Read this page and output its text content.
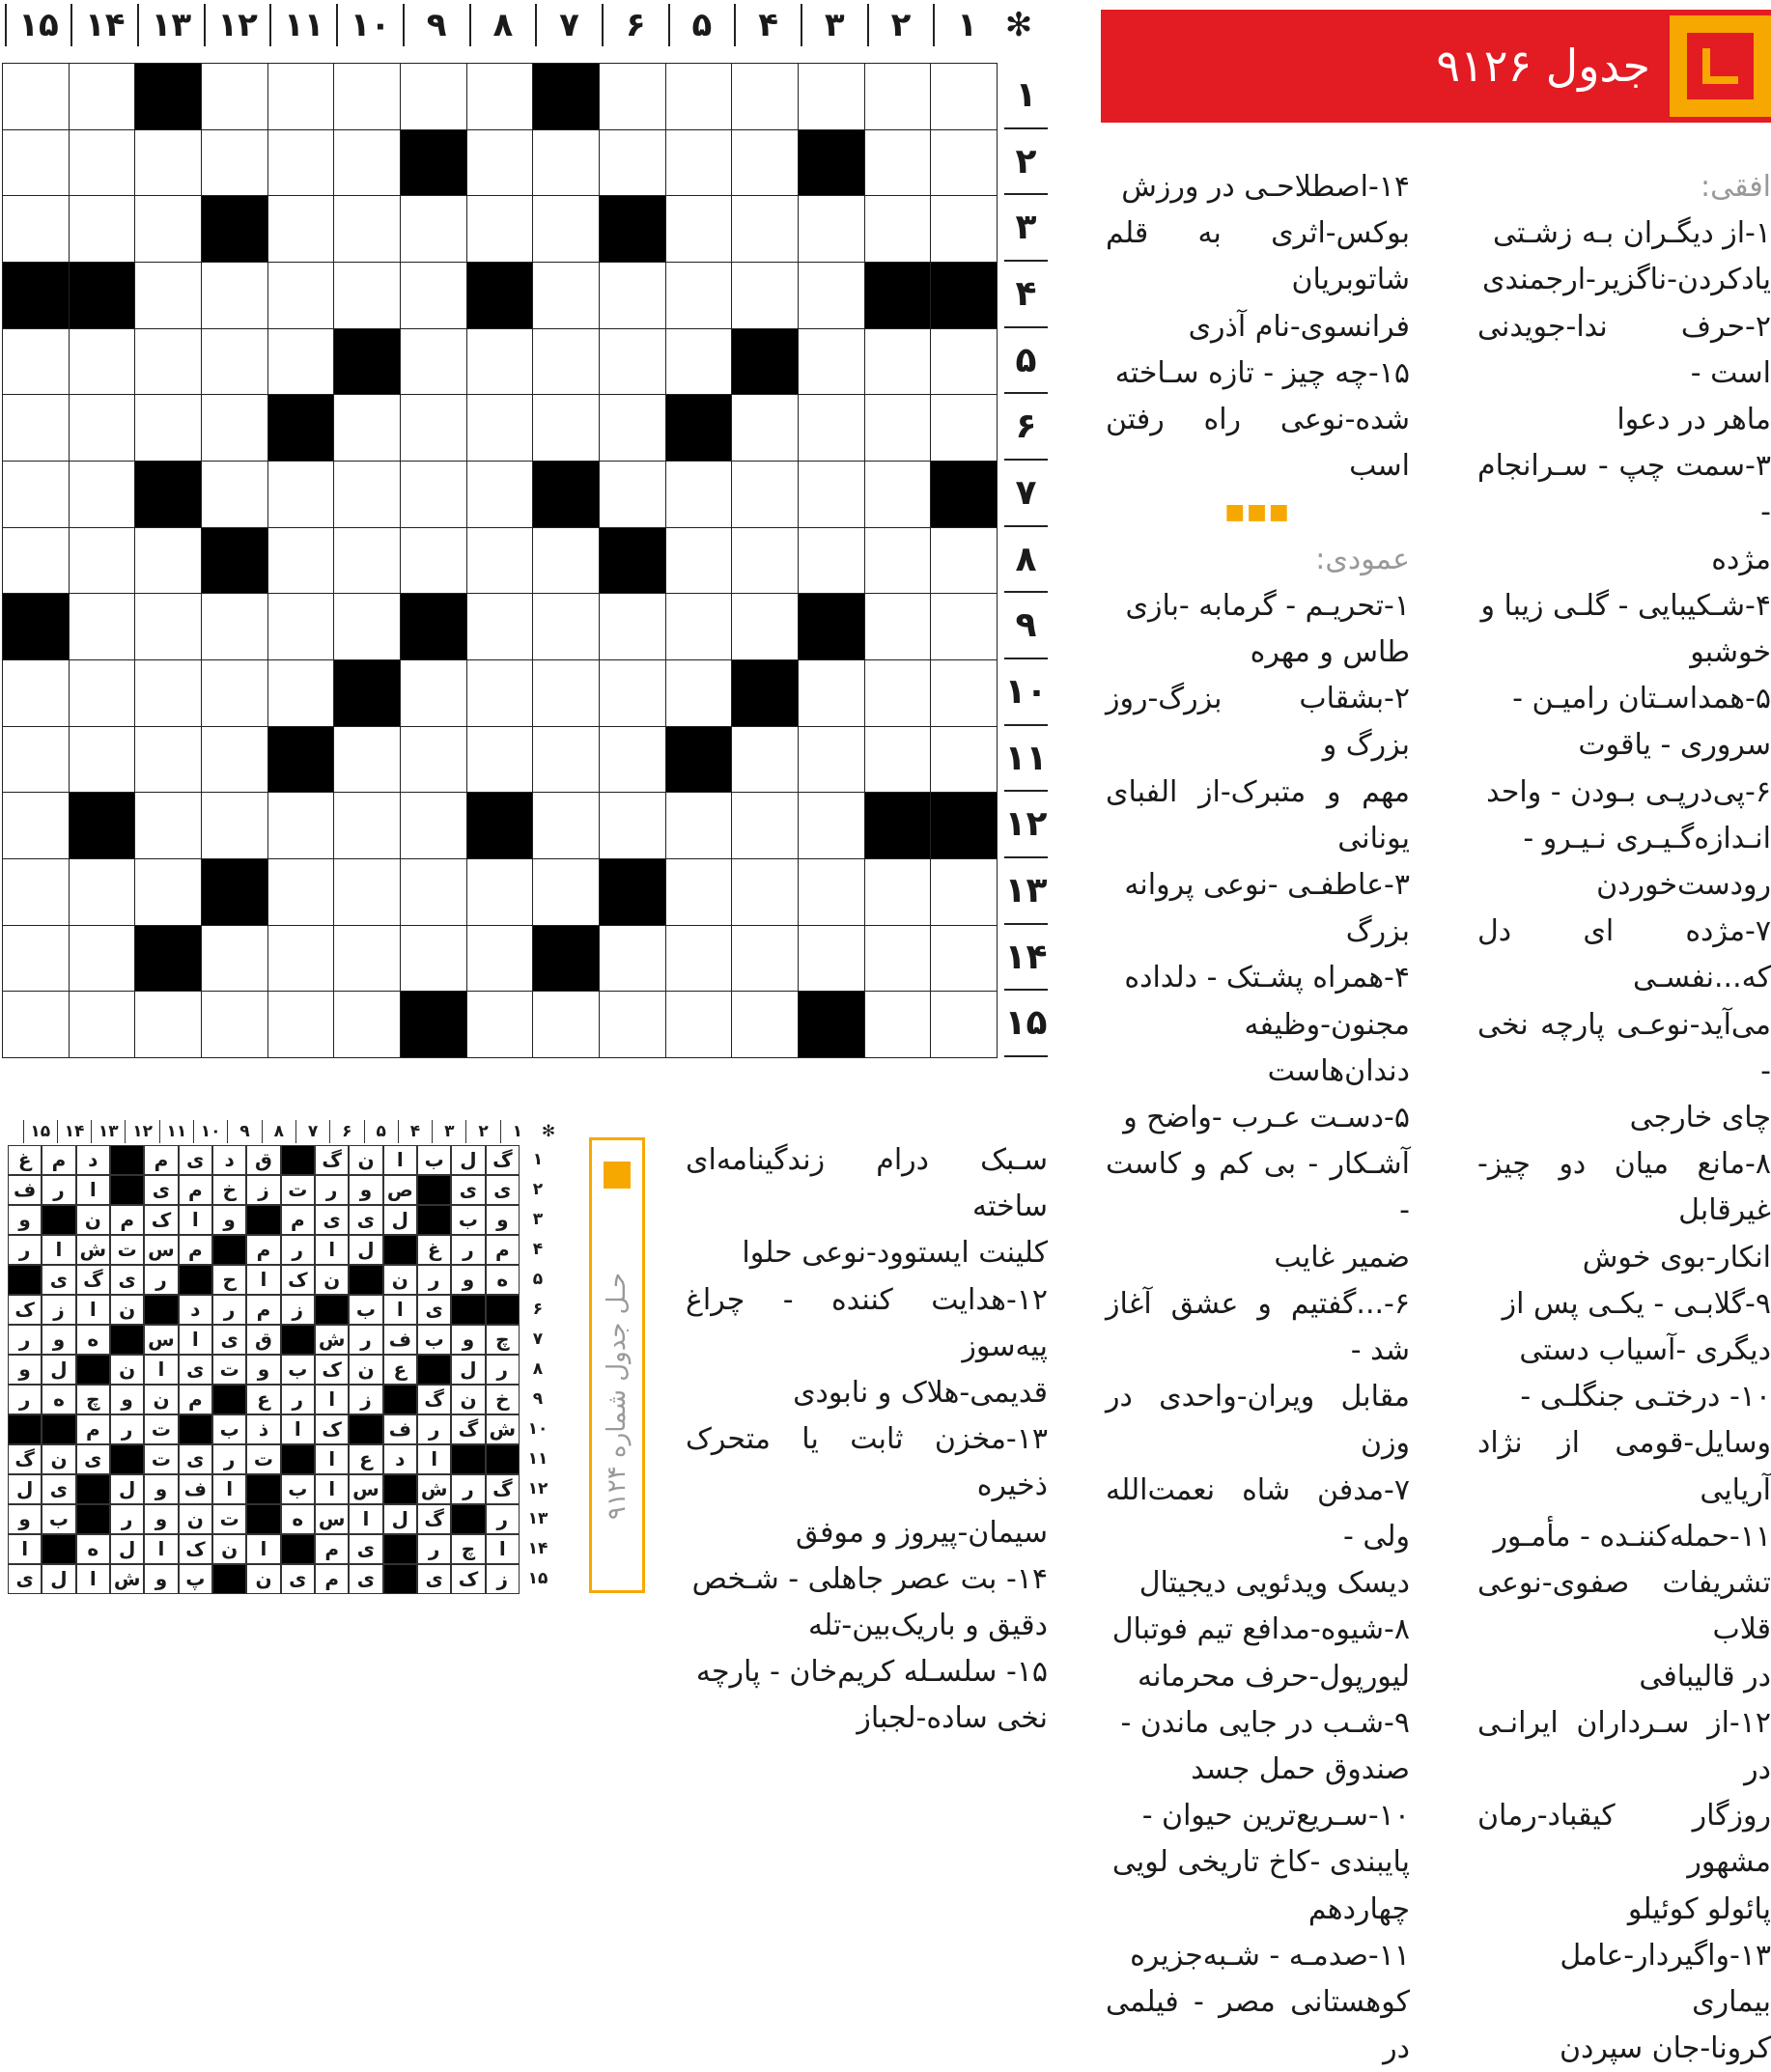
✻
۱
۲
۳
۴
۵
۶
۷
۸
۹
۱۰
۱۱
۱۲
۱۳
۱۴
۱۵
۱
۲
۳
۴
۵
۶
۷
۸
۹
۱۰
۱۱
۱۲
۱۳
۱۴
۱۵
جدول ۹۱۲۶
افقی:
۱-از دیگـران بـه زشـتی
یادکردن-ناگزیر-ارجمندی
۲-حرف ندا-جویدنی است -
ماهر در دعوا
۳-سمت چپ - سـرانجام -
مژده
۴-شـکیبایی - گلـی زیبا و
خوشبو
۵-همداسـتان رامیـن -
سروری - یاقوت
۶-پی‌درپـی بـودن - واحد
انـدازه‌گـیـری نـیـرو -
رودست‌خوردن
۷-مژده ای دل که...نفسـی
می‌آید-نوعـی پارچه نخی -
چای خارجی
۸-مانع میان دو چیز-غیرقابل
انکار-بوی خوش
۹-گلابـی - یکـی پس از
دیگری -آسیاب دستی
۱۰- درختـی جنگلـی -
وسایل-قومی از نژاد آریایی
۱۱-حمله‌کننـده - مأمـور
تشریفات صفوی-نوعی قلاب
در قالیبافی
۱۲-از سـرداران ایرانـی در
روزگار کیقباد-رمان مشهور
پائولو کوئیلو
۱۳-واگیردار-عامل بیماری
کرونا-جان سپردن
۱۴-اصطلاحـی در ورزش
بوکس-اثری به قلم شاتوبریان
فرانسوی-نام آذری
۱۵-چه چیز - تازه سـاخته
شده-نوعی راه رفتن اسب
■■■
عمودی:
۱-تحریـم - گرمابه -بازی
طاس و مهره
۲-بشقاب بزرگ-روز بزرگ و
مهم و متبرک-از الفبای یونانی
۳-عاطفـی -نوعی پروانه
بزرگ
۴-همراه پشـتک - دلداده
مجنون-وظیفه دندان‌هاست
۵-دسـت عـرب -واضح و
آشـکار - بی کم و کاست -
ضمیر غایب
۶-...گفتیم و عشق آغاز شد -
مقابل ویران-واحدی در وزن
۷-مدفن شاه نعمت‌الله ولی -
دیسک ویدئویی دیجیتال
۸-شیوه-مدافع تیم فوتبال
لیورپول-حرف محرمانه
۹-شـب در جایی ماندن -
صندوق حمل جسد
۱۰-سـریع‌ترین حیوان -
پایبندی -کاخ تاریخی لویی
چهاردهم
۱۱-صدمـه - شـبه‌جزیره
کوهستانی مصر - فیلمی در
سـبک درام زندگینامه‌ای ساخته
کلینت ایستوود-نوعی حلوا
۱۲-هدایت کننده - چراغ پیه‌سوز
قدیمی-هلاک و نابودی
۱۳-مخزن ثابت یا متحرک ذخیره
سیمان-پیروز و موفق
۱۴- بت عصر جاهلی - شـخص
دقیق و باریک‌بین-تله
۱۵- سلسـله کریم‌خان - پارچه
نخی ساده-لجباز
حـل جدول شماره ۹۱۲۴
✻
۱
۲
۳
۴
۵
۶
۷
۸
۹
۱۰
۱۱
۱۲
۱۳
۱۴
۱۵
گ
ل
ب
ا
ن
گ
ق
د
ی
م
د
م
غ
ی
ی
ص
و
ر
ت
ز
خ
م
ی
ا
ر
ف
و
ب
ل
ی
ی
م
و
ا
ک
م
ن
و
م
ر
غ
ل
ا
ر
م
م
س
ت
ش
ا
ر
ه
و
ر
ن
ن
ک
ا
ح
ر
ی
گ
ی
ی
ا
ب
ز
م
ر
د
ن
ا
ز
ک
چ
و
ب
ف
ر
ش
ق
ی
ا
س
ه
و
ر
ر
ل
ع
ن
ک
ب
و
ت
ی
ا
ن
ل
و
خ
ن
گ
ز
ا
ر
ع
م
ن
و
چ
ه
ر
ش
گ
ر
ف
ک
ا
ذ
ب
ت
ر
م
ا
د
ع
ا
ت
ر
ی
ت
ی
ن
گ
گ
ر
ش
س
ا
ب
ا
ف
و
ل
ی
ل
ر
گ
ل
ا
س
ه
ت
ن
و
ر
ب
و
ا
چ
ر
ی
م
ا
ن
ک
ا
ل
ه
ا
ز
ک
ی
ی
م
ی
ن
پ
و
ش
ا
ل
ی
۱
۲
۳
۴
۵
۶
۷
۸
۹
۱۰
۱۱
۱۲
۱۳
۱۴
۱۵
